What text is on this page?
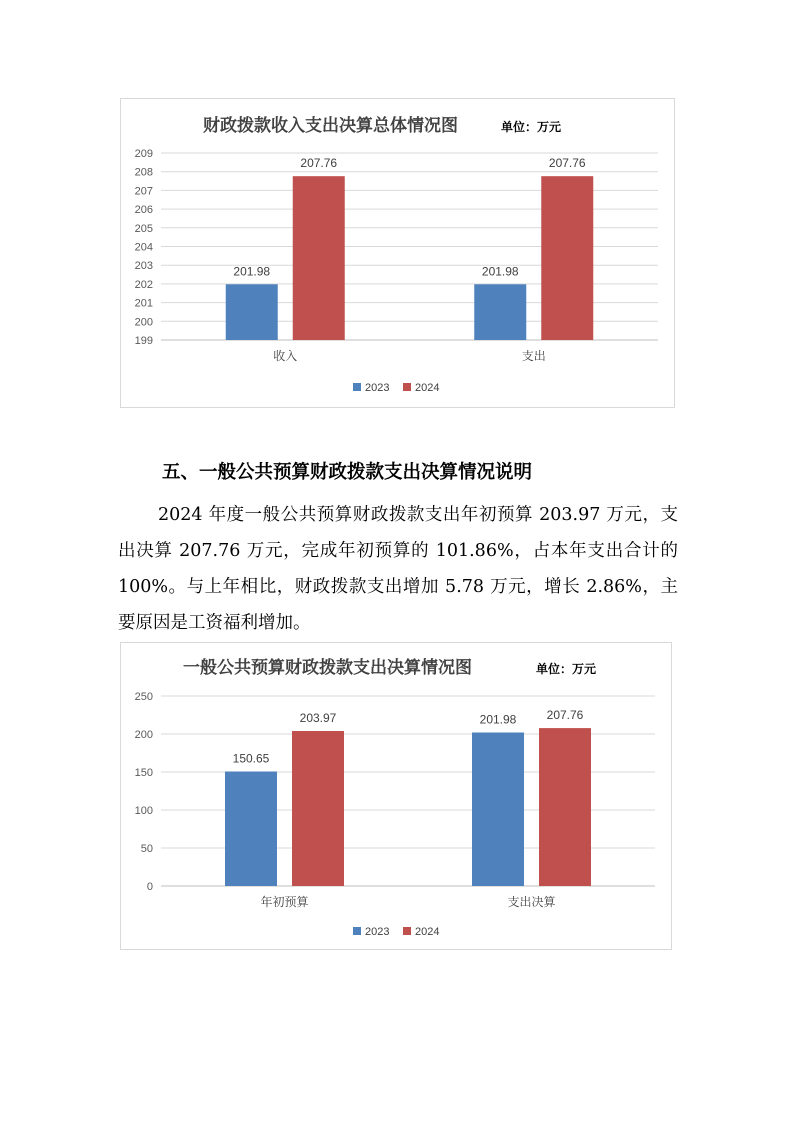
财政拨款收入支出决算总体情况图	单位：万元
199
200
201
202
203
204
205
206
207
208
209
201.98
207.76
收入
201.98
207.76
支出
2023 2024
五、一般公共预算财政拨款支出决算情况说明
2024 年度一般公共预算财政拨款支出年初预算 203.97 万元，支出决算 207.76 万元，完成年初预算的 101.86%，占本年支出合计的 100%。与上年相比，财政拨款支出增加 5.78 万元，增长 2.86%，主要原因是工资福利增加。
一般公共预算财政拨款支出决算情况图	单位：万元
0
50
100
150
200
250
150.65
203.97
年初预算
201.98	207.76
支出决算
2023 2024
